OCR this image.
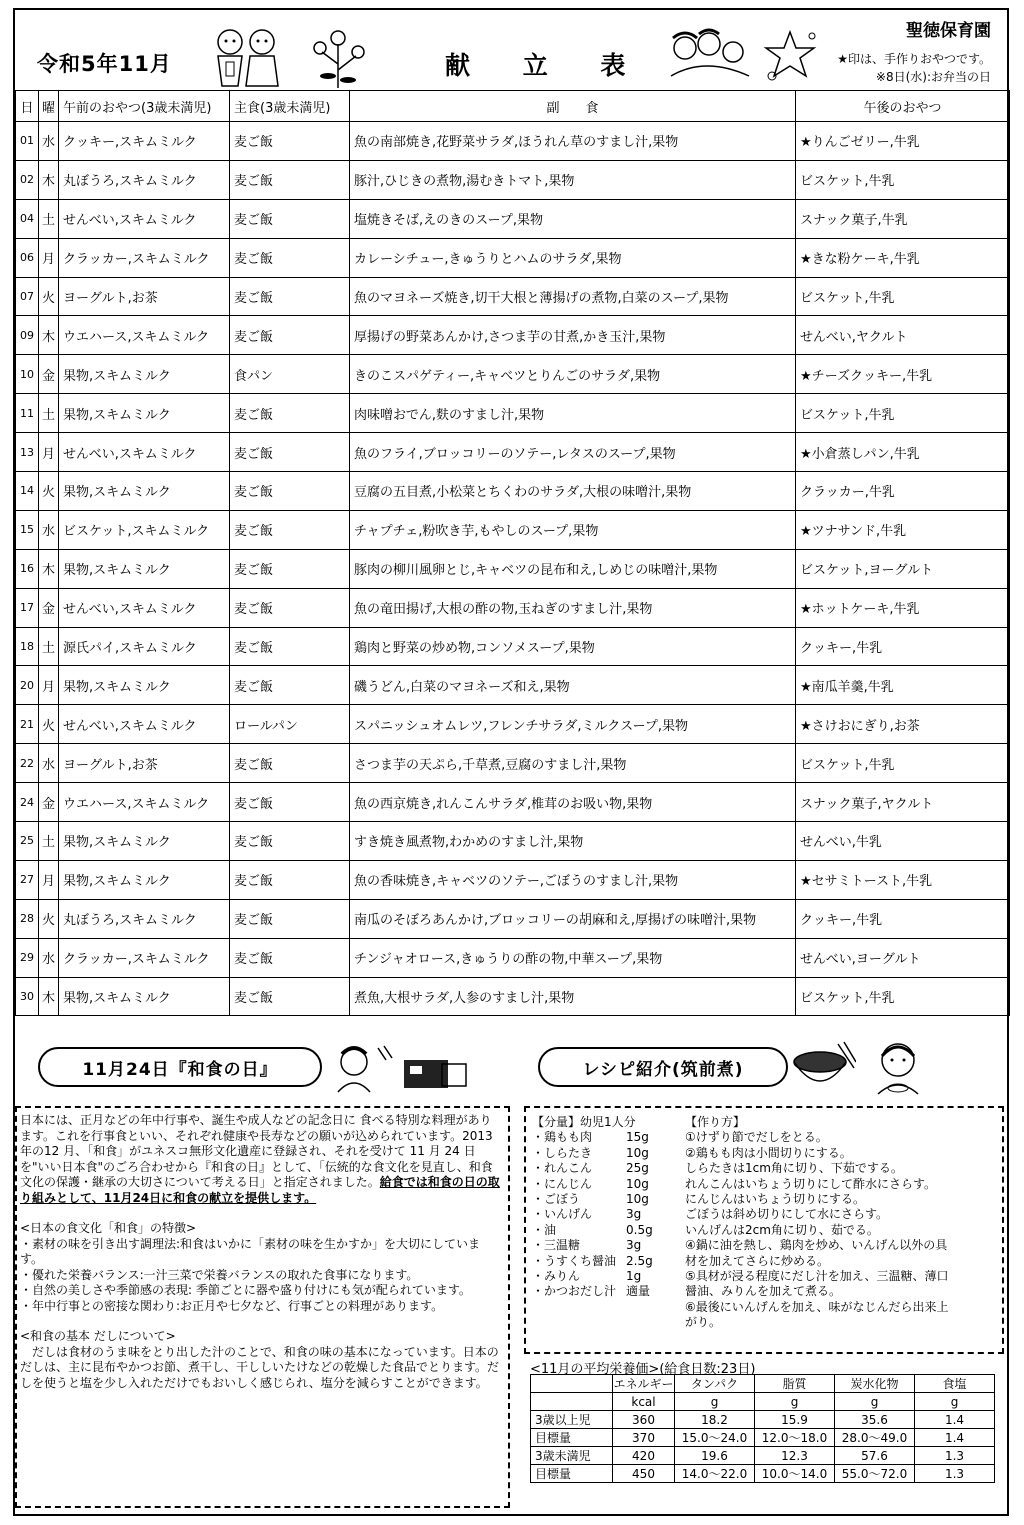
令和5年11月	献 立 表
聖徳保育園
★印は、手作りおやつです。
※8日(水):お弁当の日
日	曜	午前のおやつ(3歳未満児)	主食(3歳未満児)	副　　食	午後のおやつ
01	水	クッキー,スキムミルク	麦ご飯	魚の南部焼き,花野菜サラダ,ほうれん草のすまし汁,果物	★りんごゼリー,牛乳
02	木	丸ぼうろ,スキムミルク	麦ご飯	豚汁,ひじきの煮物,湯むきトマト,果物	ビスケット,牛乳
04	土	せんべい,スキムミルク	麦ご飯	塩焼きそば,えのきのスープ,果物	スナック菓子,牛乳
06	月	クラッカー,スキムミルク	麦ご飯	カレーシチュー,きゅうりとハムのサラダ,果物	★きな粉ケーキ,牛乳
07	火	ヨーグルト,お茶	麦ご飯	魚のマヨネーズ焼き,切干大根と薄揚げの煮物,白菜のスープ,果物	ビスケット,牛乳
09	木	ウエハース,スキムミルク	麦ご飯	厚揚げの野菜あんかけ,さつま芋の甘煮,かき玉汁,果物	せんべい,ヤクルト
10	金	果物,スキムミルク	食パン	きのこスパゲティー,キャベツとりんごのサラダ,果物	★チーズクッキー,牛乳
11	土	果物,スキムミルク	麦ご飯	肉味噌おでん,麩のすまし汁,果物	ビスケット,牛乳
13	月	せんべい,スキムミルク	麦ご飯	魚のフライ,ブロッコリーのソテー,レタスのスープ,果物	★小倉蒸しパン,牛乳
14	火	果物,スキムミルク	麦ご飯	豆腐の五目煮,小松菜とちくわのサラダ,大根の味噌汁,果物	クラッカー,牛乳
15	水	ビスケット,スキムミルク	麦ご飯	チャプチェ,粉吹き芋,もやしのスープ,果物	★ツナサンド,牛乳
16	木	果物,スキムミルク	麦ご飯	豚肉の柳川風卵とじ,キャベツの昆布和え,しめじの味噌汁,果物	ビスケット,ヨーグルト
17	金	せんべい,スキムミルク	麦ご飯	魚の竜田揚げ,大根の酢の物,玉ねぎのすまし汁,果物	★ホットケーキ,牛乳
18	土	源氏パイ,スキムミルク	麦ご飯	鶏肉と野菜の炒め物,コンソメスープ,果物	クッキー,牛乳
20	月	果物,スキムミルク	麦ご飯	磯うどん,白菜のマヨネーズ和え,果物	★南瓜羊羹,牛乳
21	火	せんべい,スキムミルク	ロールパン	スパニッシュオムレツ,フレンチサラダ,ミルクスープ,果物	★さけおにぎり,お茶
22	水	ヨーグルト,お茶	麦ご飯	さつま芋の天ぷら,千草煮,豆腐のすまし汁,果物	ビスケット,牛乳
24	金	ウエハース,スキムミルク	麦ご飯	魚の西京焼き,れんこんサラダ,椎茸のお吸い物,果物	スナック菓子,ヤクルト
25	土	果物,スキムミルク	麦ご飯	すき焼き風煮物,わかめのすまし汁,果物	せんべい,牛乳
27	月	果物,スキムミルク	麦ご飯	魚の香味焼き,キャベツのソテー,ごぼうのすまし汁,果物	★セサミトースト,牛乳
28	火	丸ぼうろ,スキムミルク	麦ご飯	南瓜のそぼろあんかけ,ブロッコリーの胡麻和え,厚揚げの味噌汁,果物	クッキー,牛乳
29	水	クラッカー,スキムミルク	麦ご飯	チンジャオロース,きゅうりの酢の物,中華スープ,果物	せんべい,ヨーグルト
30	木	果物,スキムミルク	麦ご飯	煮魚,大根サラダ,人参のすまし汁,果物	ビスケット,牛乳
11月24日『和食の日』	レシピ紹介(筑前煮)

日本には、正月などの年中行事や、誕生や成人などの記念日に 食べる特別な料理があります。これを行事食といい、それぞれ健康や長寿などの願いが込められています。2013年の12 月、「和食」がユネスコ無形文化遺産に登録され、それを受けて 11 月 24 日を"いい日本食"のごろ合わせから『和食の日』として、「伝統的な食文化を見直し、和食文化の保護・継承の大切さについて考える日」と指定されました。給食では和食の日の取り組みとして、11月24日に和食の献立を提供します。

<日本の食文化「和食」の特徴>
・素材の味を引き出す調理法:和食はいかに「素材の味を生かすか」を大切にしています。
・優れた栄養バランス:一汁三菜で栄養バランスの取れた食事になります。
・自然の美しさや季節感の表現: 季節ごとに器や盛り付けにも気が配られています。
・年中行事との密接な関わり:お正月や七夕など、行事ごとの料理があります。

<和食の基本 だしについて>
だしは食材のうま味をとり出した汁のことで、和食の味の基本になっています。日本のだしは、主に昆布やかつお節、煮干し、干ししいたけなどの乾燥した食品でとります。だしを使うと塩を少し入れただけでもおいしく感じられ、塩分を減らすことができます。

【分量】幼児1人分
・鶏もも肉	15g
・しらたき	10g
・れんこん	25g
・にんじん	10g
・ごぼう	10g
・いんげん	3g
・油	0.5g
・三温糖	3g
・うすくち醤油 2.5g
・みりん	1g
・かつおだし汁 適量
【作り方】
①けずり節でだしをとる。
②鶏もも肉は小間切りにする。
しらたきは1cm角に切り、下茹でする。
れんこんはいちょう切りにして酢水にさらす。
にんじんはいちょう切りにする。
ごぼうは斜め切りにして水にさらす。
いんげんは2cm角に切り、茹でる。
④鍋に油を熱し、鶏肉を炒め、いんげん以外の具
材を加えてさらに炒める。
⑤具材が浸る程度にだし汁を加え、三温糖、薄口
醤油、みりんを加えて煮る。
⑥最後にいんげんを加え、味がなじんだら出来上
がり。
<11月の平均栄養価>(給食日数:23日)
	エネルギー	タンパク	脂質	炭水化物	食塩
	kcal	g	g	g	g
3歳以上児	360	18.2	15.9	35.6	1.4
目標量	370	15.0～24.0	12.0～18.0	28.0～49.0	1.4
3歳未満児	420	19.6	12.3	57.6	1.3
目標量	450	14.0～22.0	10.0～14.0	55.0～72.0	1.3
